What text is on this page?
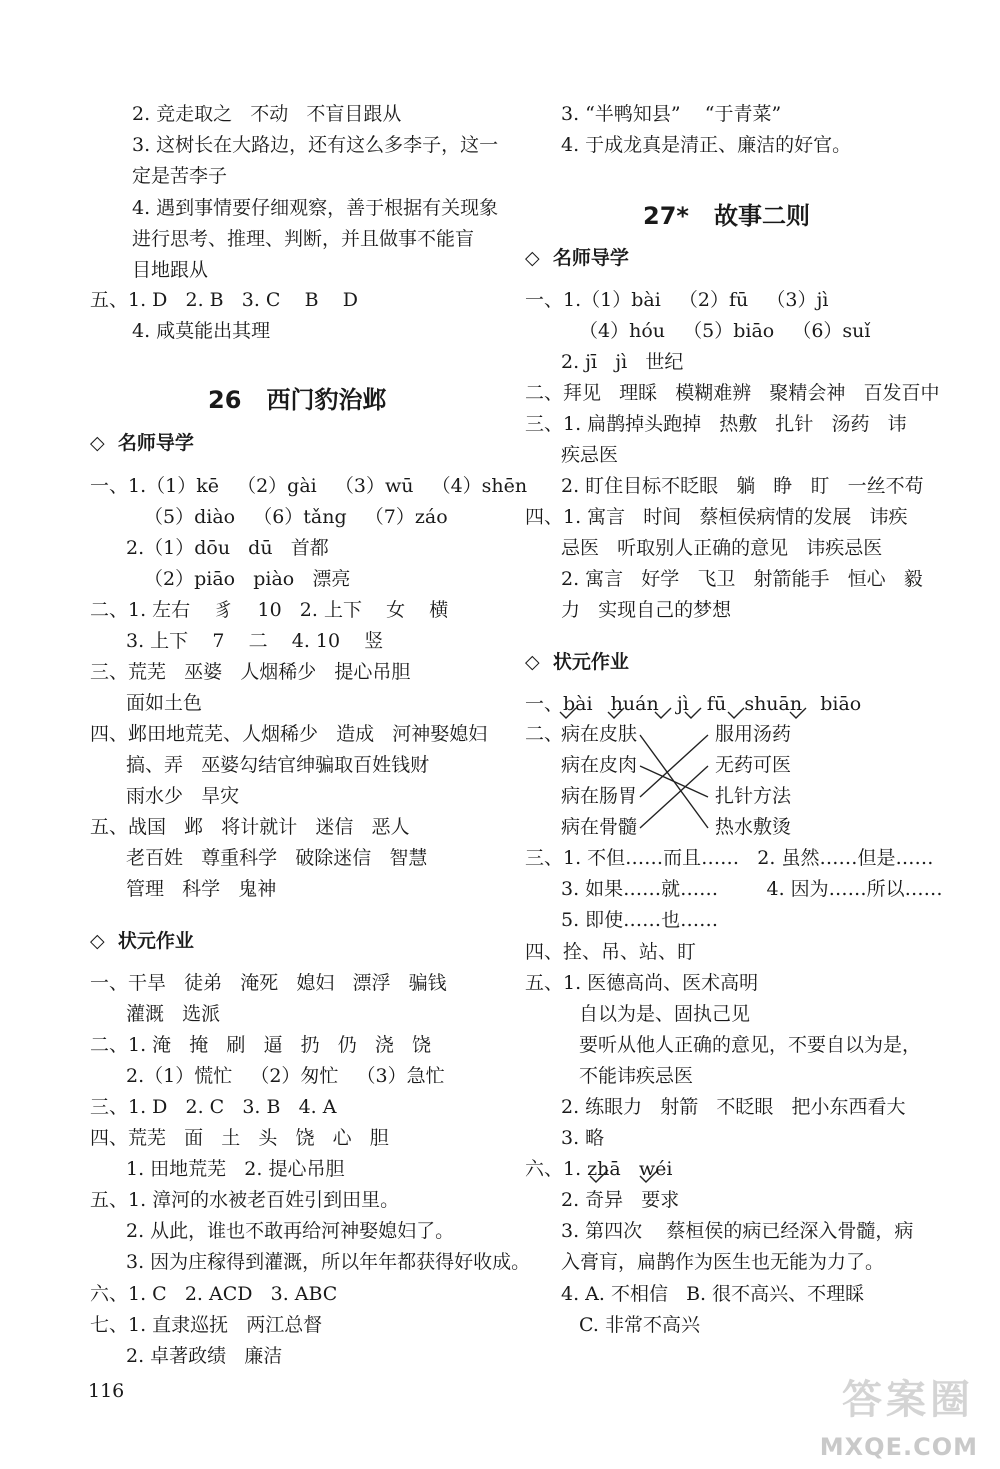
2. 竞走取之   不动   不盲目跟从
3. 这树长在大路边，还有这么多李子，这一
定是苦李子
4. 遇到事情要仔细观察，善于根据有关现象
进行思考、推理、判断，并且做事不能盲
目地跟从
五、1. D   2. B   3. C    B    D
4. 咸莫能出其理
26   西门豹治邺
◇  名师导学
一、1.（1）kē   （2）gài   （3）wū   （4）shēn
（5）diào   （6）tǎng   （7）záo
2.（1）dōu   dū   首都
（2）piāo   piào   漂亮
二、1. 左右    豸    10   2. 上下    女    横
3. 上下    7    二    4. 10    竖
三、荒芜   巫婆   人烟稀少   提心吊胆
面如土色
四、邺田地荒芜、人烟稀少   造成   河神娶媳妇
搞、弄   巫婆勾结官绅骗取百姓钱财
雨水少   旱灾
五、战国   邺   将计就计   迷信   恶人
老百姓   尊重科学   破除迷信   智慧
管理   科学   鬼神
◇  状元作业
一、干旱   徒弟   淹死   媳妇   漂浮   骗钱
灌溉   选派
二、1. 淹   掩   刷   逼   扔   仍   浇   饶
2.（1）慌忙   （2）匆忙   （3）急忙
三、1. D   2. C   3. B   4. A
四、荒芜   面   土   头   饶   心   胆
1. 田地荒芜   2. 提心吊胆
五、1. 漳河的水被老百姓引到田里。
2. 从此，谁也不敢再给河神娶媳妇了。
3. 因为庄稼得到灌溉，所以年年都获得好收成。
六、1. C   2. ACD   3. ABC
七、1. 直隶巡抚   两江总督
2. 卓著政绩   廉洁
116
3. “半鸭知县”    “于青菜”
4. 于成龙真是清正、廉洁的好官。
27*   故事二则
◇  名师导学
一、1.（1）bài   （2）fū   （3）jì
（4）hóu   （5）biāo   （6）suǐ
2. jī   jì   世纪
二、拜见   理睬   模糊难辨   聚精会神   百发百中
三、1. 扁鹊掉头跑掉   热敷   扎针   汤药   讳
疾忌医
2. 盯住目标不眨眼   躺   睁   盯   一丝不苟
四、1. 寓言   时间   蔡桓侯病情的发展   讳疾
忌医   听取别人正确的意见   讳疾忌医
2. 寓言   好学   飞卫   射箭能手   恒心   毅
力   实现自己的梦想
◇  状元作业
一、bài   huán   jì   fū   shuān   biāo
二、
病在皮肤
病在皮肉
病在肠胃
病在骨髓
服用汤药
无药可医
扎针方法
热水敷烫
三、1. 不但……而且……   2. 虽然……但是……
3. 如果……就……        4. 因为……所以……
5. 即使……也……
四、拴、吊、站、盯
五、1. 医德高尚、医术高明
自以为是、固执己见
要听从他人正确的意见，不要自以为是，
不能讳疾忌医
2. 练眼力   射箭   不眨眼   把小东西看大
3. 略
六、1. zhā   wéi
2. 奇异   要求
3. 第四次    蔡桓侯的病已经深入骨髓，病
入膏肓，扁鹊作为医生也无能为力了。
4. A. 不相信   B. 很不高兴、不理睬
C. 非常不高兴
答案圈
MXQE.COM
